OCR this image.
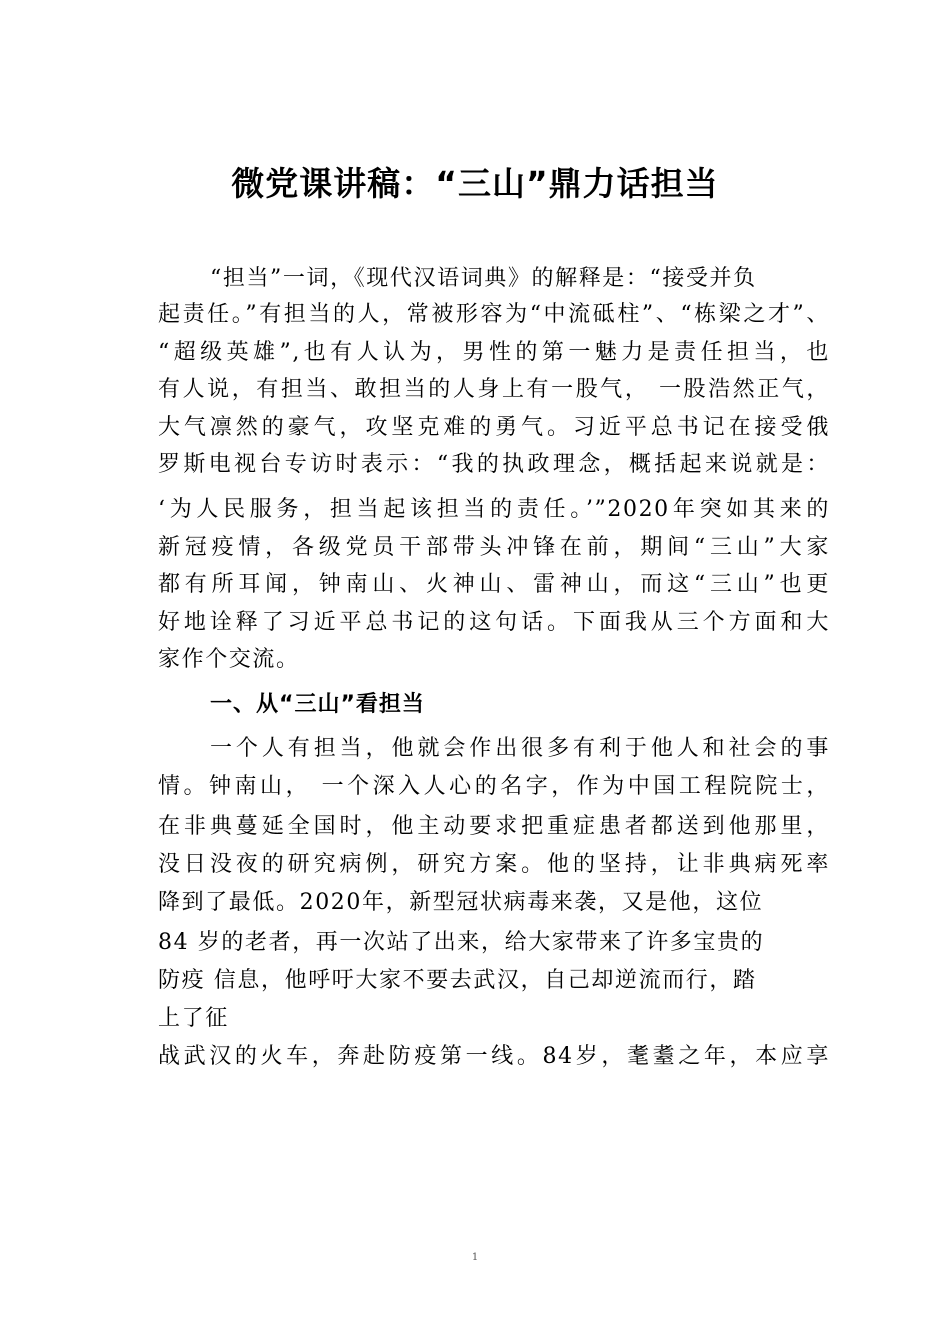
微党课讲稿：“三山”鼎力话担当
“担当”一词，《现代汉语词典》的解释是：“接受并负
起责任。”有担当的人，常被形容为“中流砥柱”、“栋梁之才”、
“超级英雄”,也有人认为，男性的第一魅力是责任担当，也
有人说，有担当、敢担当的人身上有一股气， 一股浩然正气，
大气凛然的豪气，攻坚克难的勇气。习近平总书记在接受俄
罗斯电视台专访时表示：“我的执政理念，概括起来说就是：
‘为人民服务，担当起该担当的责任。’”2020年突如其来的
新冠疫情，各级党员干部带头冲锋在前，期间“三山”大家
都有所耳闻，钟南山、火神山、雷神山，而这“三山”也更
好地诠释了习近平总书记的这句话。下面我从三个方面和大
家作个交流。
一、从“三山”看担当
一个人有担当，他就会作出很多有利于他人和社会的事
情。钟南山， 一个深入人心的名字，作为中国工程院院士，
在非典蔓延全国时，他主动要求把重症患者都送到他那里，
没日没夜的研究病例，研究方案。他的坚持，让非典病死率
降到了最低。2020年，新型冠状病毒来袭，又是他，这位
84 岁的老者，再一次站了出来，给大家带来了许多宝贵的
防疫 信息，他呼吁大家不要去武汉，自己却逆流而行，踏
上了征
战武汉的火车，奔赴防疫第一线。84岁，耄耋之年，本应享
1
